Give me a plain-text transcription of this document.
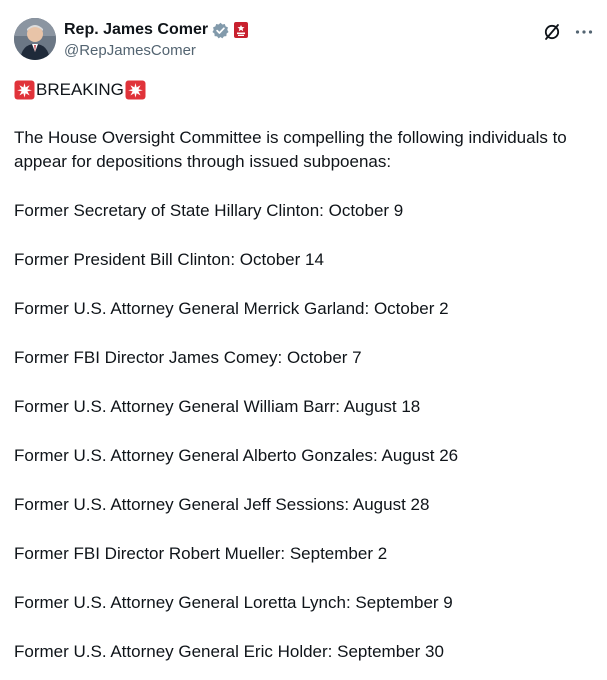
Rep. James Comer
@RepJamesComer
BREAKING
The House Oversight Committee is compelling the following individuals to appear for depositions through issued subpoenas:
Former Secretary of State Hillary Clinton: October 9
Former President Bill Clinton: October 14
Former U.S. Attorney General Merrick Garland: October 2
Former FBI Director James Comey: October 7
Former U.S. Attorney General William Barr: August 18
Former U.S. Attorney General Alberto Gonzales: August 26
Former U.S. Attorney General Jeff Sessions: August 28
Former FBI Director Robert Mueller: September 2
Former U.S. Attorney General Loretta Lynch: September 9
Former U.S. Attorney General Eric Holder: September 30
